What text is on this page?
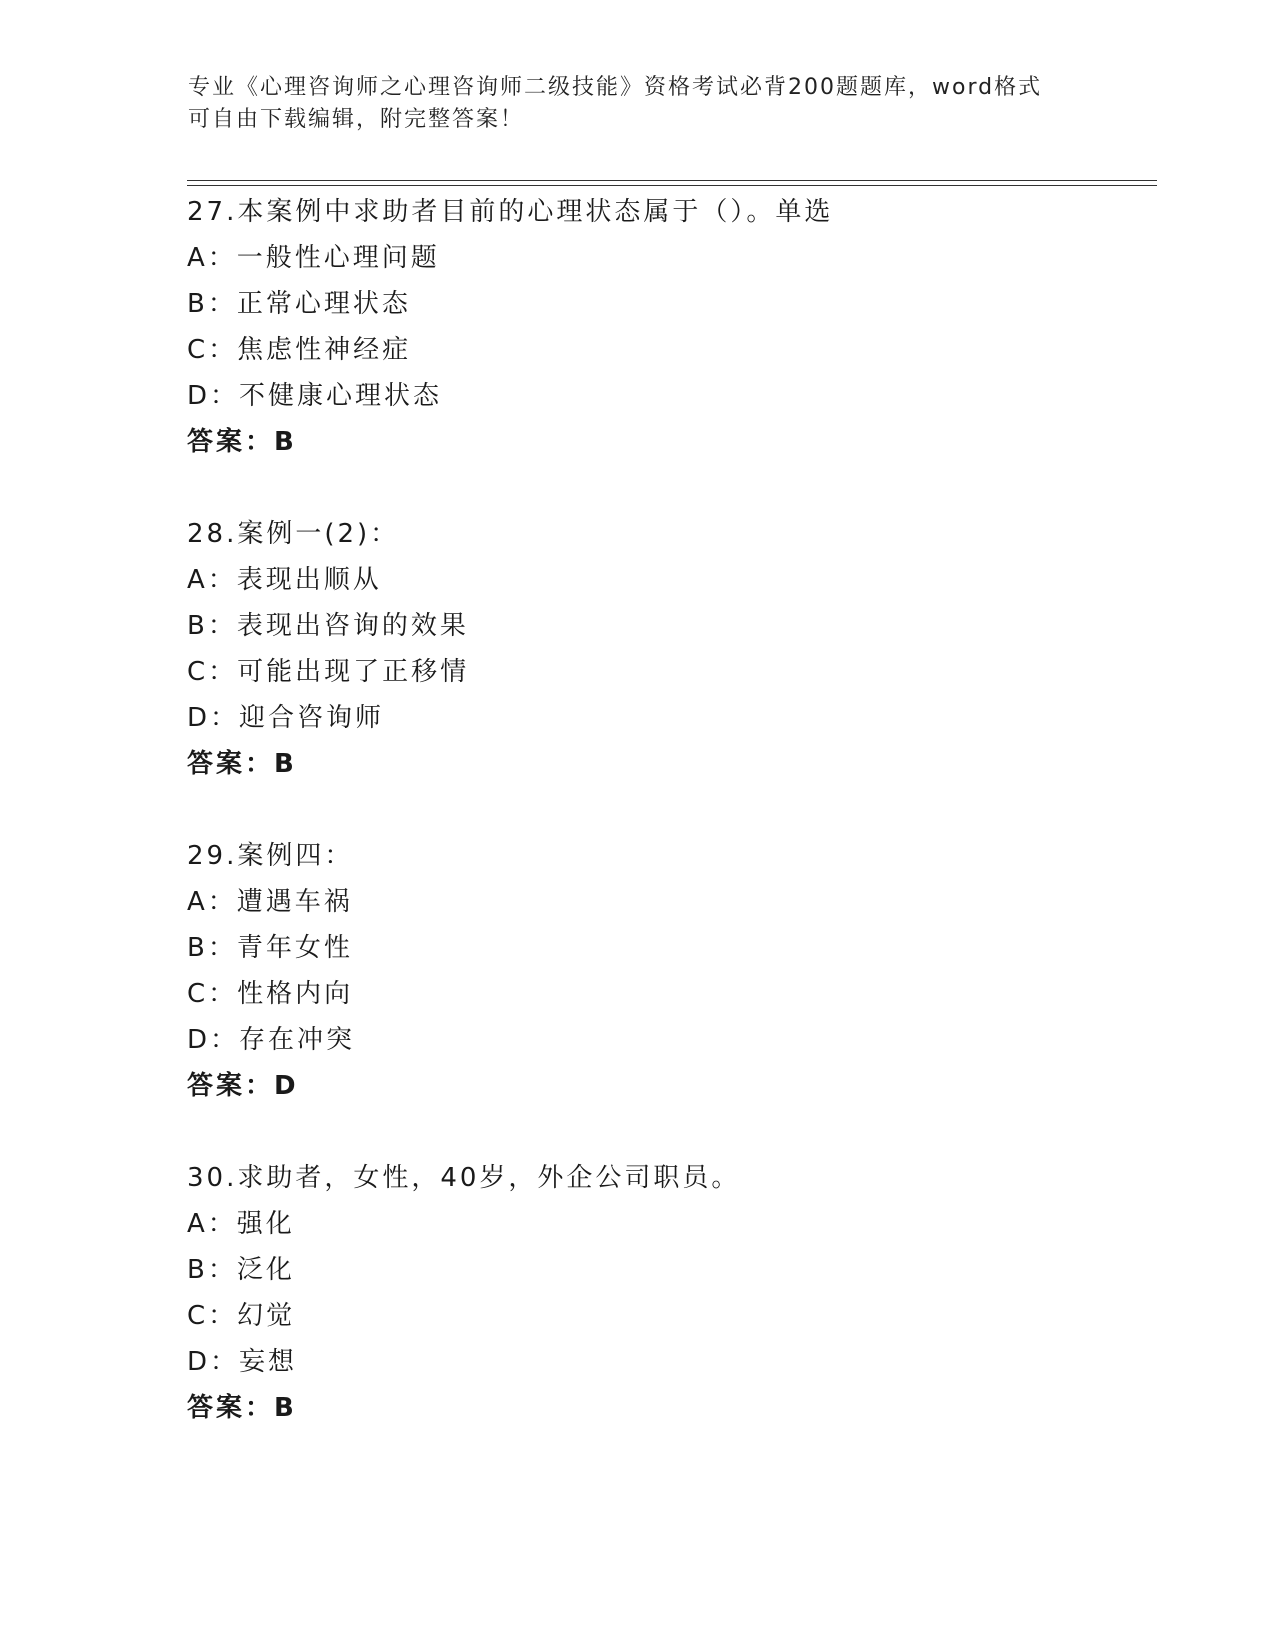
专业《心理咨询师之心理咨询师二级技能》资格考试必背200题题库，word格式
可自由下载编辑，附完整答案！
27.本案例中求助者目前的心理状态属于（）。单选
A：一般性心理问题
B：正常心理状态
C：焦虑性神经症
D：不健康心理状态
答案：B
28.案例一(2)：
A：表现出顺从
B：表现出咨询的效果
C：可能出现了正移情
D：迎合咨询师
答案：B
29.案例四：
A：遭遇车祸
B：青年女性
C：性格内向
D：存在冲突
答案：D
30.求助者，女性，40岁，外企公司职员。
A：强化
B：泛化
C：幻觉
D：妄想
答案：B
